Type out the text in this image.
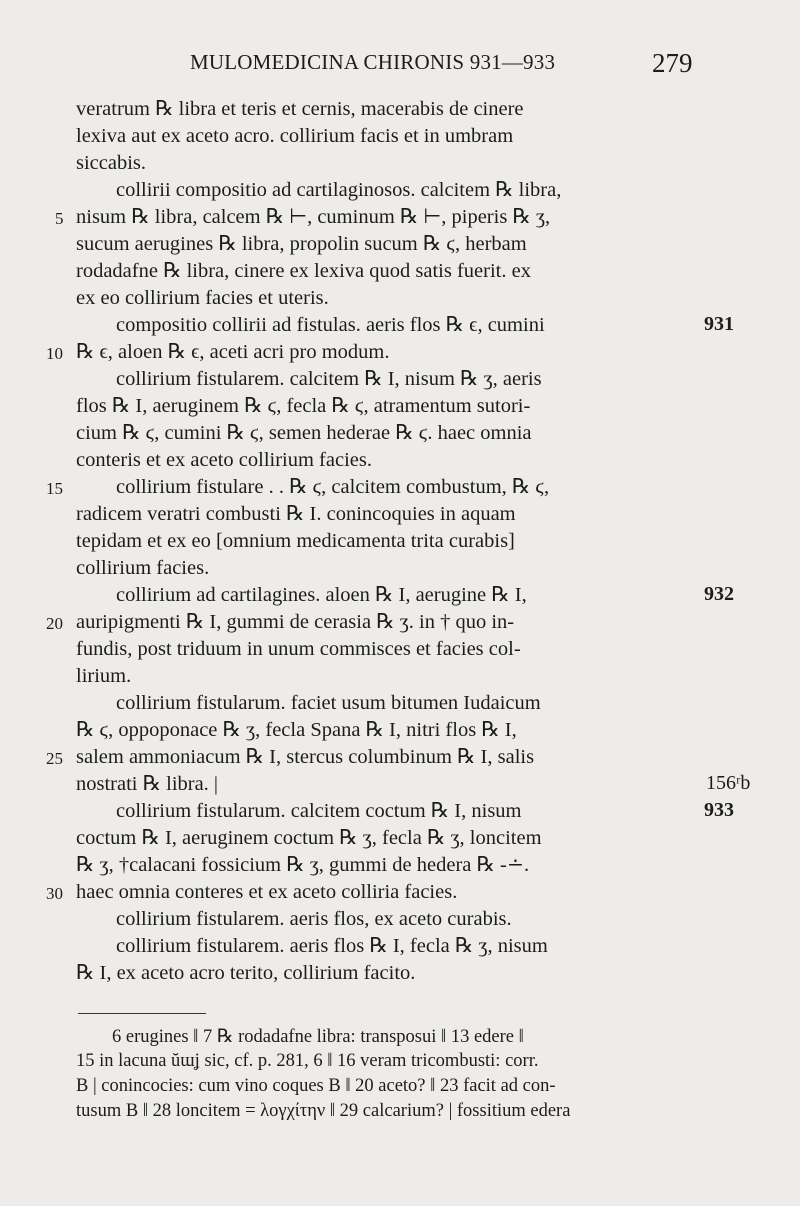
MULOMEDICINA CHIRONIS 931—933	279
veratrum ℞ libra et teris et cernis, macerabis de cinere
lexiva aut ex aceto acro. collirium facis et in umbram
siccabis.
collirii compositio ad cartilaginosos. calcitem ℞ libra,
5 nisum ℞ libra, calcem ℞ ⊢, cuminum ℞ ⊢, piperis ℞ ʒ,
sucum aerugines ℞ libra, propolin sucum ℞ ϛ, herbam
rodadafne ℞ libra, cinere ex lexiva quod satis fuerit. ex
ex eo collirium facies et uteris.
compositio collirii ad fistulas. aeris flos ℞ ϵ, cumini
10 ℞ ϵ, aloen ℞ ϵ, aceti acri pro modum.
collirium fistularem. calcitem ℞ I, nisum ℞ ʒ, aeris
flos ℞ I, aeruginem ℞ ϛ, fecla ℞ ϛ, atramentum sutori-
cium ℞ ϛ, cumini ℞ ϛ, semen hederae ℞ ϛ. haec omnia
conteris et ex aceto collirium facies.
15	collirium fistulare . . ℞ ϛ, calcitem combustum, ℞ ϛ,
radicem veratri combusti ℞ I. conincoquies in aquam
tepidam et ex eo [omnium medicamenta trita curabis]
collirium facies.
collirium ad cartilagines. aloen ℞ I, aerugine ℞ I,
20 auripigmenti ℞ I, gummi de cerasia ℞ ʒ. in † quo in-
fundis, post triduum in unum commisces et facies col-
lirium.
collirium fistularum. faciet usum bitumen Iudaicum
℞ ϛ, oppoponace ℞ ʒ, fecla Spana ℞ I, nitri flos ℞ I,
25 salem ammoniacum ℞ I, stercus columbinum ℞ I, salis
nostrati ℞ libra. |
collirium fistularum. calcitem coctum ℞ I, nisum
coctum ℞ I, aeruginem coctum ℞ ʒ, fecla ℞ ʒ, loncitem
℞ ʒ, †calacani fossicium ℞ ʒ, gummi de hedera ℞ -∸.
30 haec omnia conteres et ex aceto colliria facies.
collirium fistularem. aeris flos, ex aceto curabis.
collirium fistularem. aeris flos ℞ I, fecla ℞ ʒ, nisum
℞ I, ex aceto acro terito, collirium facito.
931
932
156ʳb
933
6 erugines ‖ 7 ℞ rodadafne libra: transposui ‖ 13 edere ‖
15 in lacuna ŭɯʝ sic, cf. p. 281, 6 ‖ 16 veram tricombusti: corr.
B | conincocies: cum vino coques B ‖ 20 aceto? ‖ 23 facit ad con-
tusum B ‖ 28 loncitem = λογχίτην ‖ 29 calcarium? | fossitium edera
